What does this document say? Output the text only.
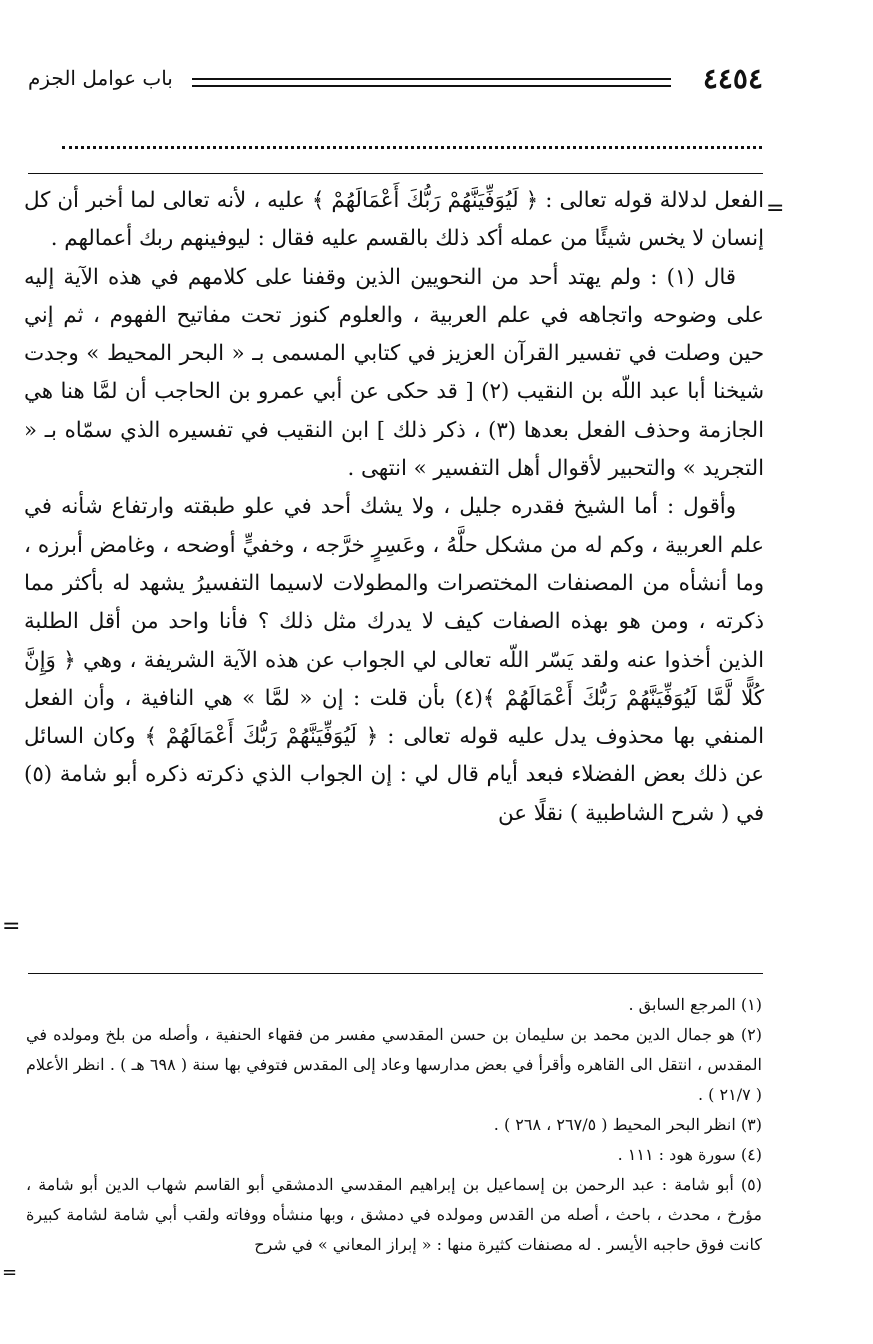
باب عوامل الجزم	٤٤٥٤
=
=

الفعل لدلالة قوله تعالى : ﴿ لَيُوَفِّيَنَّهُمْ رَبُّكَ أَعْمَالَهُمْ ﴾ عليه ، لأنه تعالى لما أخبر أن كل إنسان لا يخس شيئًا من عمله أكد ذلك بالقسم عليه فقال : ليوفينهم ربك أعمالهم .

قال (١) : ولم يهتد أحد من النحويين الذين وقفنا على كلامهم في هذه الآية إليه على وضوحه واتجاهه في علم العربية ، والعلوم كنوز تحت مفاتيح الفهوم ، ثم إني حين وصلت في تفسير القرآن العزيز في كتابي المسمى بـ « البحر المحيط » وجدت شيخنا أبا عبد اللّه بن النقيب (٢) [ قد حكى عن أبي عمرو بن الحاجب أن لمَّا هنا هي الجازمة وحذف الفعل بعدها (٣) ، ذكر ذلك ] ابن النقيب في تفسيره الذي سمّاه بـ « التجريد » والتحبير لأقوال أهل التفسير » انتهى .

وأقول : أما الشيخ فقدره جليل ، ولا يشك أحد في علو طبقته وارتفاع شأنه في علم العربية ، وكم له من مشكل حلَّهُ ، وعَسِرٍ خرَّجه ، وخفيٍّ أوضحه ، وغامض أبرزه ، وما أنشأه من المصنفات المختصرات والمطولات لاسيما التفسيرُ يشهد له بأكثر مما ذكرته ، ومن هو بهذه الصفات كيف لا يدرك مثل ذلك ؟ فأنا واحد من أقل الطلبة الذين أخذوا عنه ولقد يَسّر اللّه تعالى لي الجواب عن هذه الآية الشريفة ، وهي ﴿ وَإِنَّ كُلًّا لَّمَّا لَيُوَفِّيَنَّهُمْ رَبُّكَ أَعْمَالَهُمْ ﴾(٤) بأن قلت : إن « لمَّا » هي النافية ، وأن الفعل المنفي بها محذوف يدل عليه قوله تعالى : ﴿ لَيُوَفِّيَنَّهُمْ رَبُّكَ أَعْمَالَهُمْ ﴾ وكان السائل عن ذلك بعض الفضلاء فبعد أيام قال لي : إن الجواب الذي ذكرته ذكره أبو شامة (٥) في ( شرح الشاطبية ) نقلًا عن

(١) المرجع السابق .

(٢) هو جمال الدين محمد بن سليمان بن حسن المقدسي مفسر من فقهاء الحنفية ، وأصله من بلخ ومولده في المقدس ، انتقل الى القاهره وأقرأ في بعض مدارسها وعاد إلى المقدس فتوفي بها سنة ( ٦٩٨ هـ ) . انظر الأعلام ( ٢١/٧ ) .

(٣) انظر البحر المحيط ( ٢٦٧/٥ ، ٢٦٨ ) .

(٤) سورة هود : ١١١ .

(٥) أبو شامة : عبد الرحمن بن إسماعيل بن إبراهيم المقدسي الدمشقي أبو القاسم شهاب الدين أبو شامة ، مؤرخ ، محدث ، باحث ، أصله من القدس ومولده في دمشق ، وبها منشأه ووفاته ولقب أبي شامة لشامة كبيرة كانت فوق حاجبه الأيسر . له مصنفات كثيرة منها : « إبراز المعاني » في شرح

=
